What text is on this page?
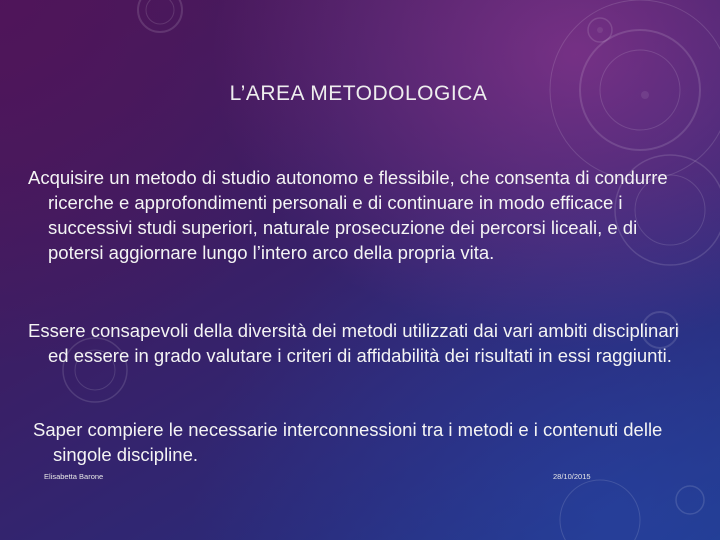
L’AREA METODOLOGICA

Acquisire un metodo di studio autonomo e flessibile, che consenta di condurre ricerche e approfondimenti personali e di continuare in modo efficace i successivi studi superiori, naturale prosecuzione dei percorsi liceali, e di potersi aggiornare lungo l’intero arco della propria vita.

Essere consapevoli della diversità dei metodi utilizzati dai vari ambiti disciplinari ed essere in grado valutare i criteri di affidabilità dei risultati in essi raggiunti.

Saper compiere le necessarie interconnessioni tra i metodi e i contenuti delle singole discipline.

Elisabetta Barone	28/10/2015
